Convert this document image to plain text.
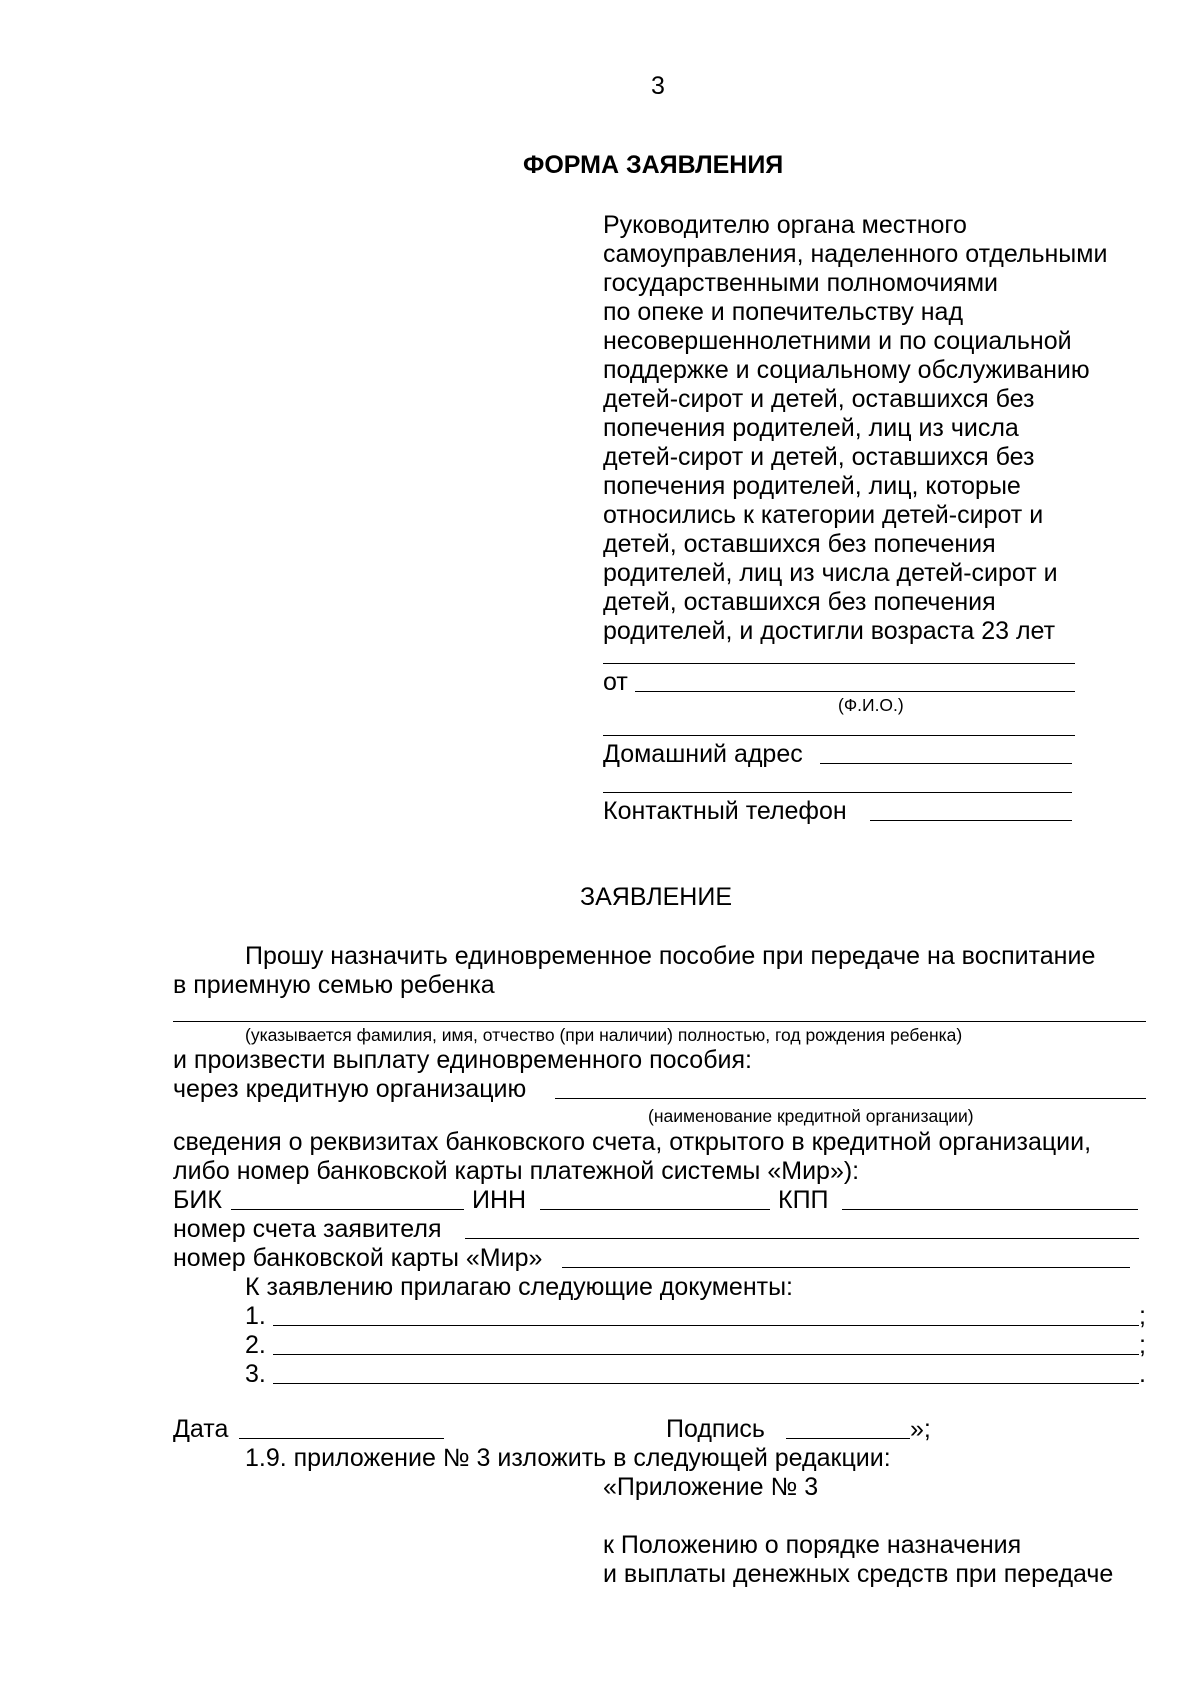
3
ФОРМА ЗАЯВЛЕНИЯ
Руководителю органа местного
самоуправления, наделенного отдельными
государственными полномочиями
по опеке и попечительству над
несовершеннолетними и по социальной
поддержке и социальному обслуживанию
детей-сирот и детей, оставшихся без
попечения родителей, лиц из числа
детей-сирот и детей, оставшихся без
попечения родителей, лиц, которые
относились к категории детей-сирот и
детей, оставшихся без попечения
родителей, лиц из числа детей-сирот и
детей, оставшихся без попечения
родителей, и достигли возраста 23 лет
от
(Ф.И.О.)
Домашний адрес
Контактный телефон
ЗАЯВЛЕНИЕ
Прошу назначить единовременное пособие при передаче на воспитание
в приемную семью ребенка
(указывается фамилия, имя, отчество (при наличии) полностью, год рождения ребенка)
и произвести выплату единовременного пособия:
через кредитную организацию
(наименование кредитной организации)
сведения о реквизитах банковского счета, открытого в кредитной организации,
либо номер банковской карты платежной системы «Мир»):
БИК	ИНН	КПП
номер счета заявителя
номер банковской карты «Мир»
К заявлению прилагаю следующие документы:
1.	;
2.	;
3.	.
Дата	Подпись	»;
1.9. приложение № 3 изложить в следующей редакции:
«Приложение № 3
к Положению о порядке назначения
и выплаты денежных средств при передаче
